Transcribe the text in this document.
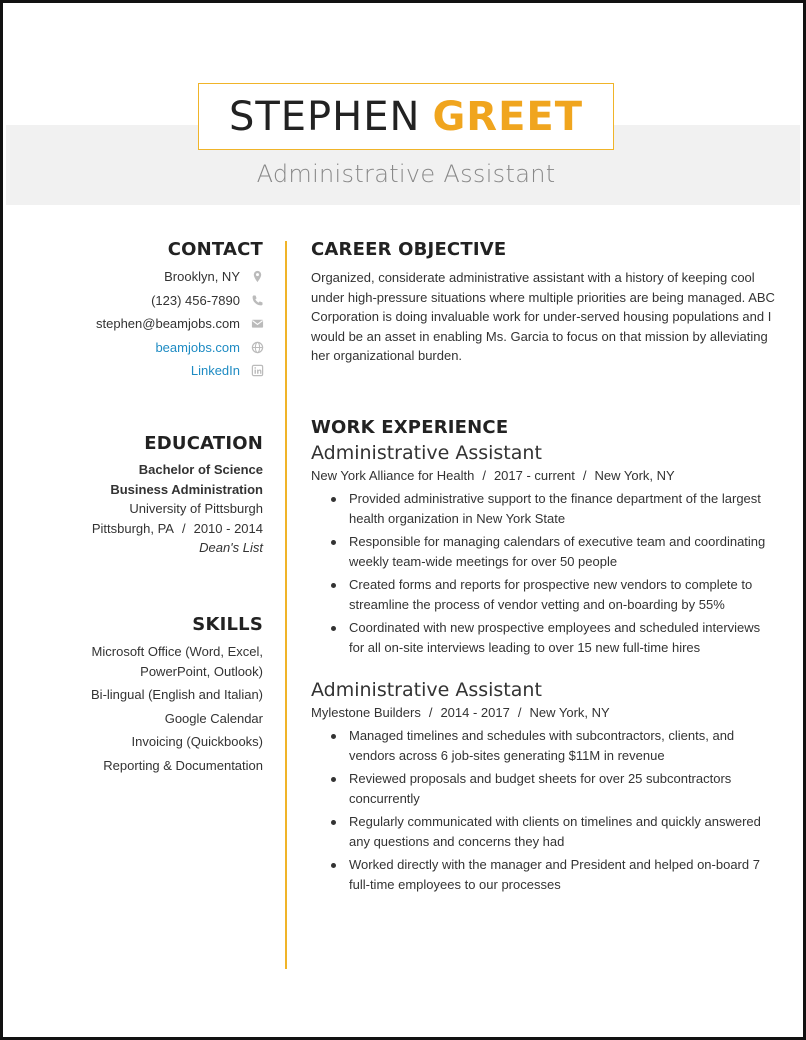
STEPHEN GREET
Administrative Assistant
CONTACT
Brooklyn, NY
(123) 456-7890
stephen@beamjobs.com
beamjobs.com
LinkedIn
EDUCATION
Bachelor of Science
Business Administration
University of Pittsburgh
Pittsburgh, PA / 2010 - 2014
Dean's List
SKILLS
Microsoft Office (Word, Excel, PowerPoint, Outlook)
Bi-lingual (English and Italian)
Google Calendar
Invoicing (Quickbooks)
Reporting & Documentation
CAREER OBJECTIVE
Organized, considerate administrative assistant with a history of keeping cool under high-pressure situations where multiple priorities are being managed. ABC Corporation is doing invaluable work for under-served housing populations and I would be an asset in enabling Ms. Garcia to focus on that mission by alleviating her organizational burden.
WORK EXPERIENCE
Administrative Assistant
New York Alliance for Health / 2017 - current / New York, NY
Provided administrative support to the finance department of the largest health organization in New York State
Responsible for managing calendars of executive team and coordinating weekly team-wide meetings for over 50 people
Created forms and reports for prospective new vendors to complete to streamline the process of vendor vetting and on-boarding by 55%
Coordinated with new prospective employees and scheduled interviews for all on-site interviews leading to over 15 new full-time hires
Administrative Assistant
Mylestone Builders / 2014 - 2017 / New York, NY
Managed timelines and schedules with subcontractors, clients, and vendors across 6 job-sites generating $11M in revenue
Reviewed proposals and budget sheets for over 25 subcontractors concurrently
Regularly communicated with clients on timelines and quickly answered any questions and concerns they had
Worked directly with the manager and President and helped on-board 7 full-time employees to our processes
